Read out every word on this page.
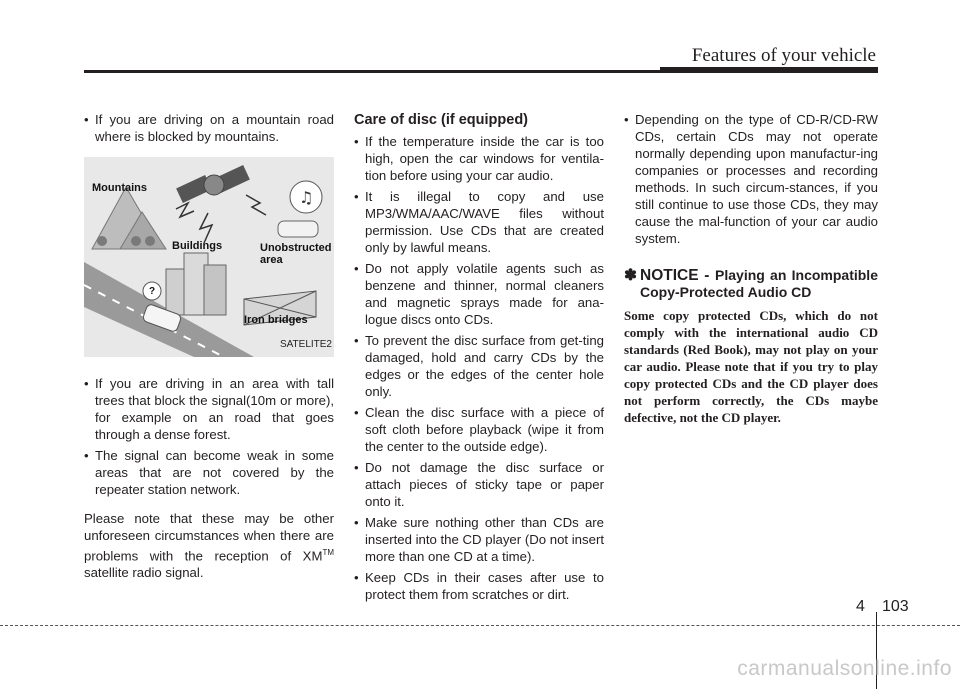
Features of your vehicle

• If you are driving on a mountain road where is blocked by mountains.

♫
Mountains
Buildings	Unobstructed
area
Iron bridges
?
SATELITE2

• If you are driving in an area with tall trees that block the signal(10m or more), for example on an road that goes through a dense forest.

• The signal can become weak in some areas that are not covered by the repeater station network.

Please note that these may be other unforeseen circumstances when there are problems with the reception of XM™ satellite radio signal.

Care of disc (if equipped)

• If the temperature inside the car is too high, open the car windows for ventila-tion before using your car audio.

• It is illegal to copy and use MP3/WMA/AAC/WAVE files without permission. Use CDs that are created only by lawful means.

• Do not apply volatile agents such as benzene and thinner, normal cleaners and magnetic sprays made for ana-logue discs onto CDs.

• To prevent the disc surface from get-ting damaged, hold and carry CDs by the edges or the edges of the center hole only.

• Clean the disc surface with a piece of soft cloth before playback (wipe it from the center to the outside edge).

• Do not damage the disc surface or attach pieces of sticky tape or paper onto it.

• Make sure nothing other than CDs are inserted into the CD player (Do not insert more than one CD at a time).

• Keep CDs in their cases after use to protect them from scratches or dirt.

• Depending on the type of CD-R/CD-RW CDs, certain CDs may not operate normally depending upon manufactur-ing companies or processes and recording methods. In such circum-stances, if you still continue to use those CDs, they may cause the mal-function of your car audio system.

✽ NOTICE - Playing an Incompatible Copy-Protected Audio CD

Some copy protected CDs, which do not comply with the international audio CD standards (Red Book), may not play on your car audio. Please note that if you try to play copy protected CDs and the CD player does not perform correctly, the CDs maybe defective, not the CD player.

4 103
carmanualsonline.info
